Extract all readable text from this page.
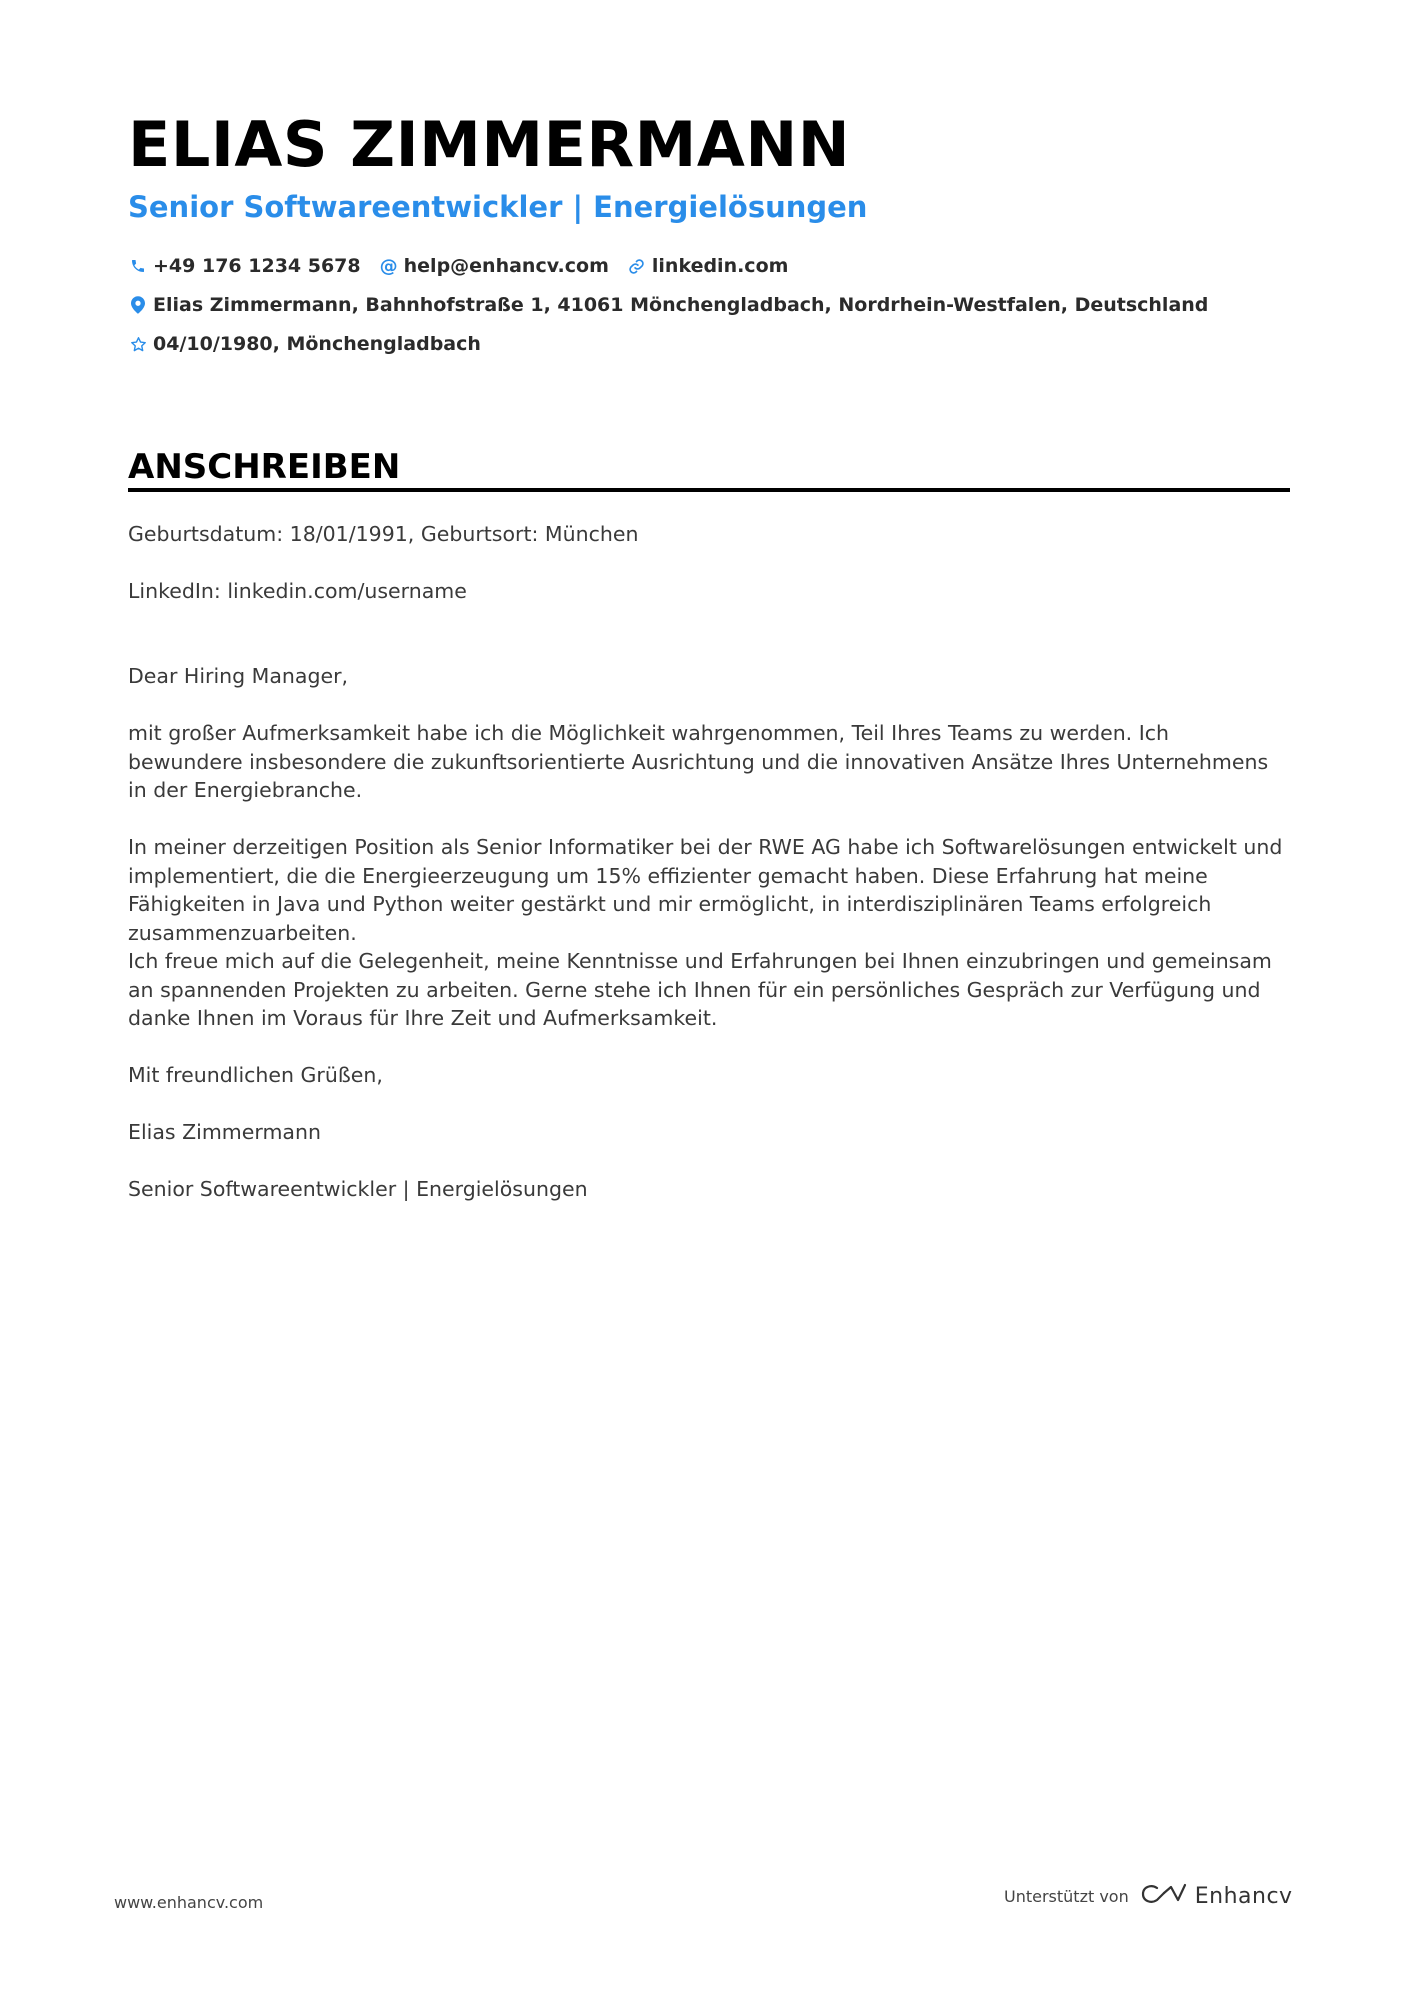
ELIAS ZIMMERMANN
Senior Softwareentwickler | Energielösungen
+49 176 1234 5678 @ help@enhancv.com linkedin.com
Elias Zimmermann, Bahnhofstraße 1, 41061 Mönchengladbach, Nordrhein-Westfalen, Deutschland
04/10/1980, Mönchengladbach
ANSCHREIBEN
Geburtsdatum: 18/01/1991, Geburtsort: München
LinkedIn: linkedin.com/username
Dear Hiring Manager,
mit großer Aufmerksamkeit habe ich die Möglichkeit wahrgenommen, Teil Ihres Teams zu werden. Ich bewundere insbesondere die zukunftsorientierte Ausrichtung und die innovativen Ansätze Ihres Unternehmens in der Energiebranche.
In meiner derzeitigen Position als Senior Informatiker bei der RWE AG habe ich Softwarelösungen entwickelt und implementiert, die die Energieerzeugung um 15% effizienter gemacht haben. Diese Erfahrung hat meine Fähigkeiten in Java und Python weiter gestärkt und mir ermöglicht, in interdisziplinären Teams erfolgreich zusammenzuarbeiten.
Ich freue mich auf die Gelegenheit, meine Kenntnisse und Erfahrungen bei Ihnen einzubringen und gemeinsam an spannenden Projekten zu arbeiten. Gerne stehe ich Ihnen für ein persönliches Gespräch zur Verfügung und danke Ihnen im Voraus für Ihre Zeit und Aufmerksamkeit.
Mit freundlichen Grüßen,
Elias Zimmermann
Senior Softwareentwickler | Energielösungen
www.enhancv.com	Unterstützt von	Enhancv
